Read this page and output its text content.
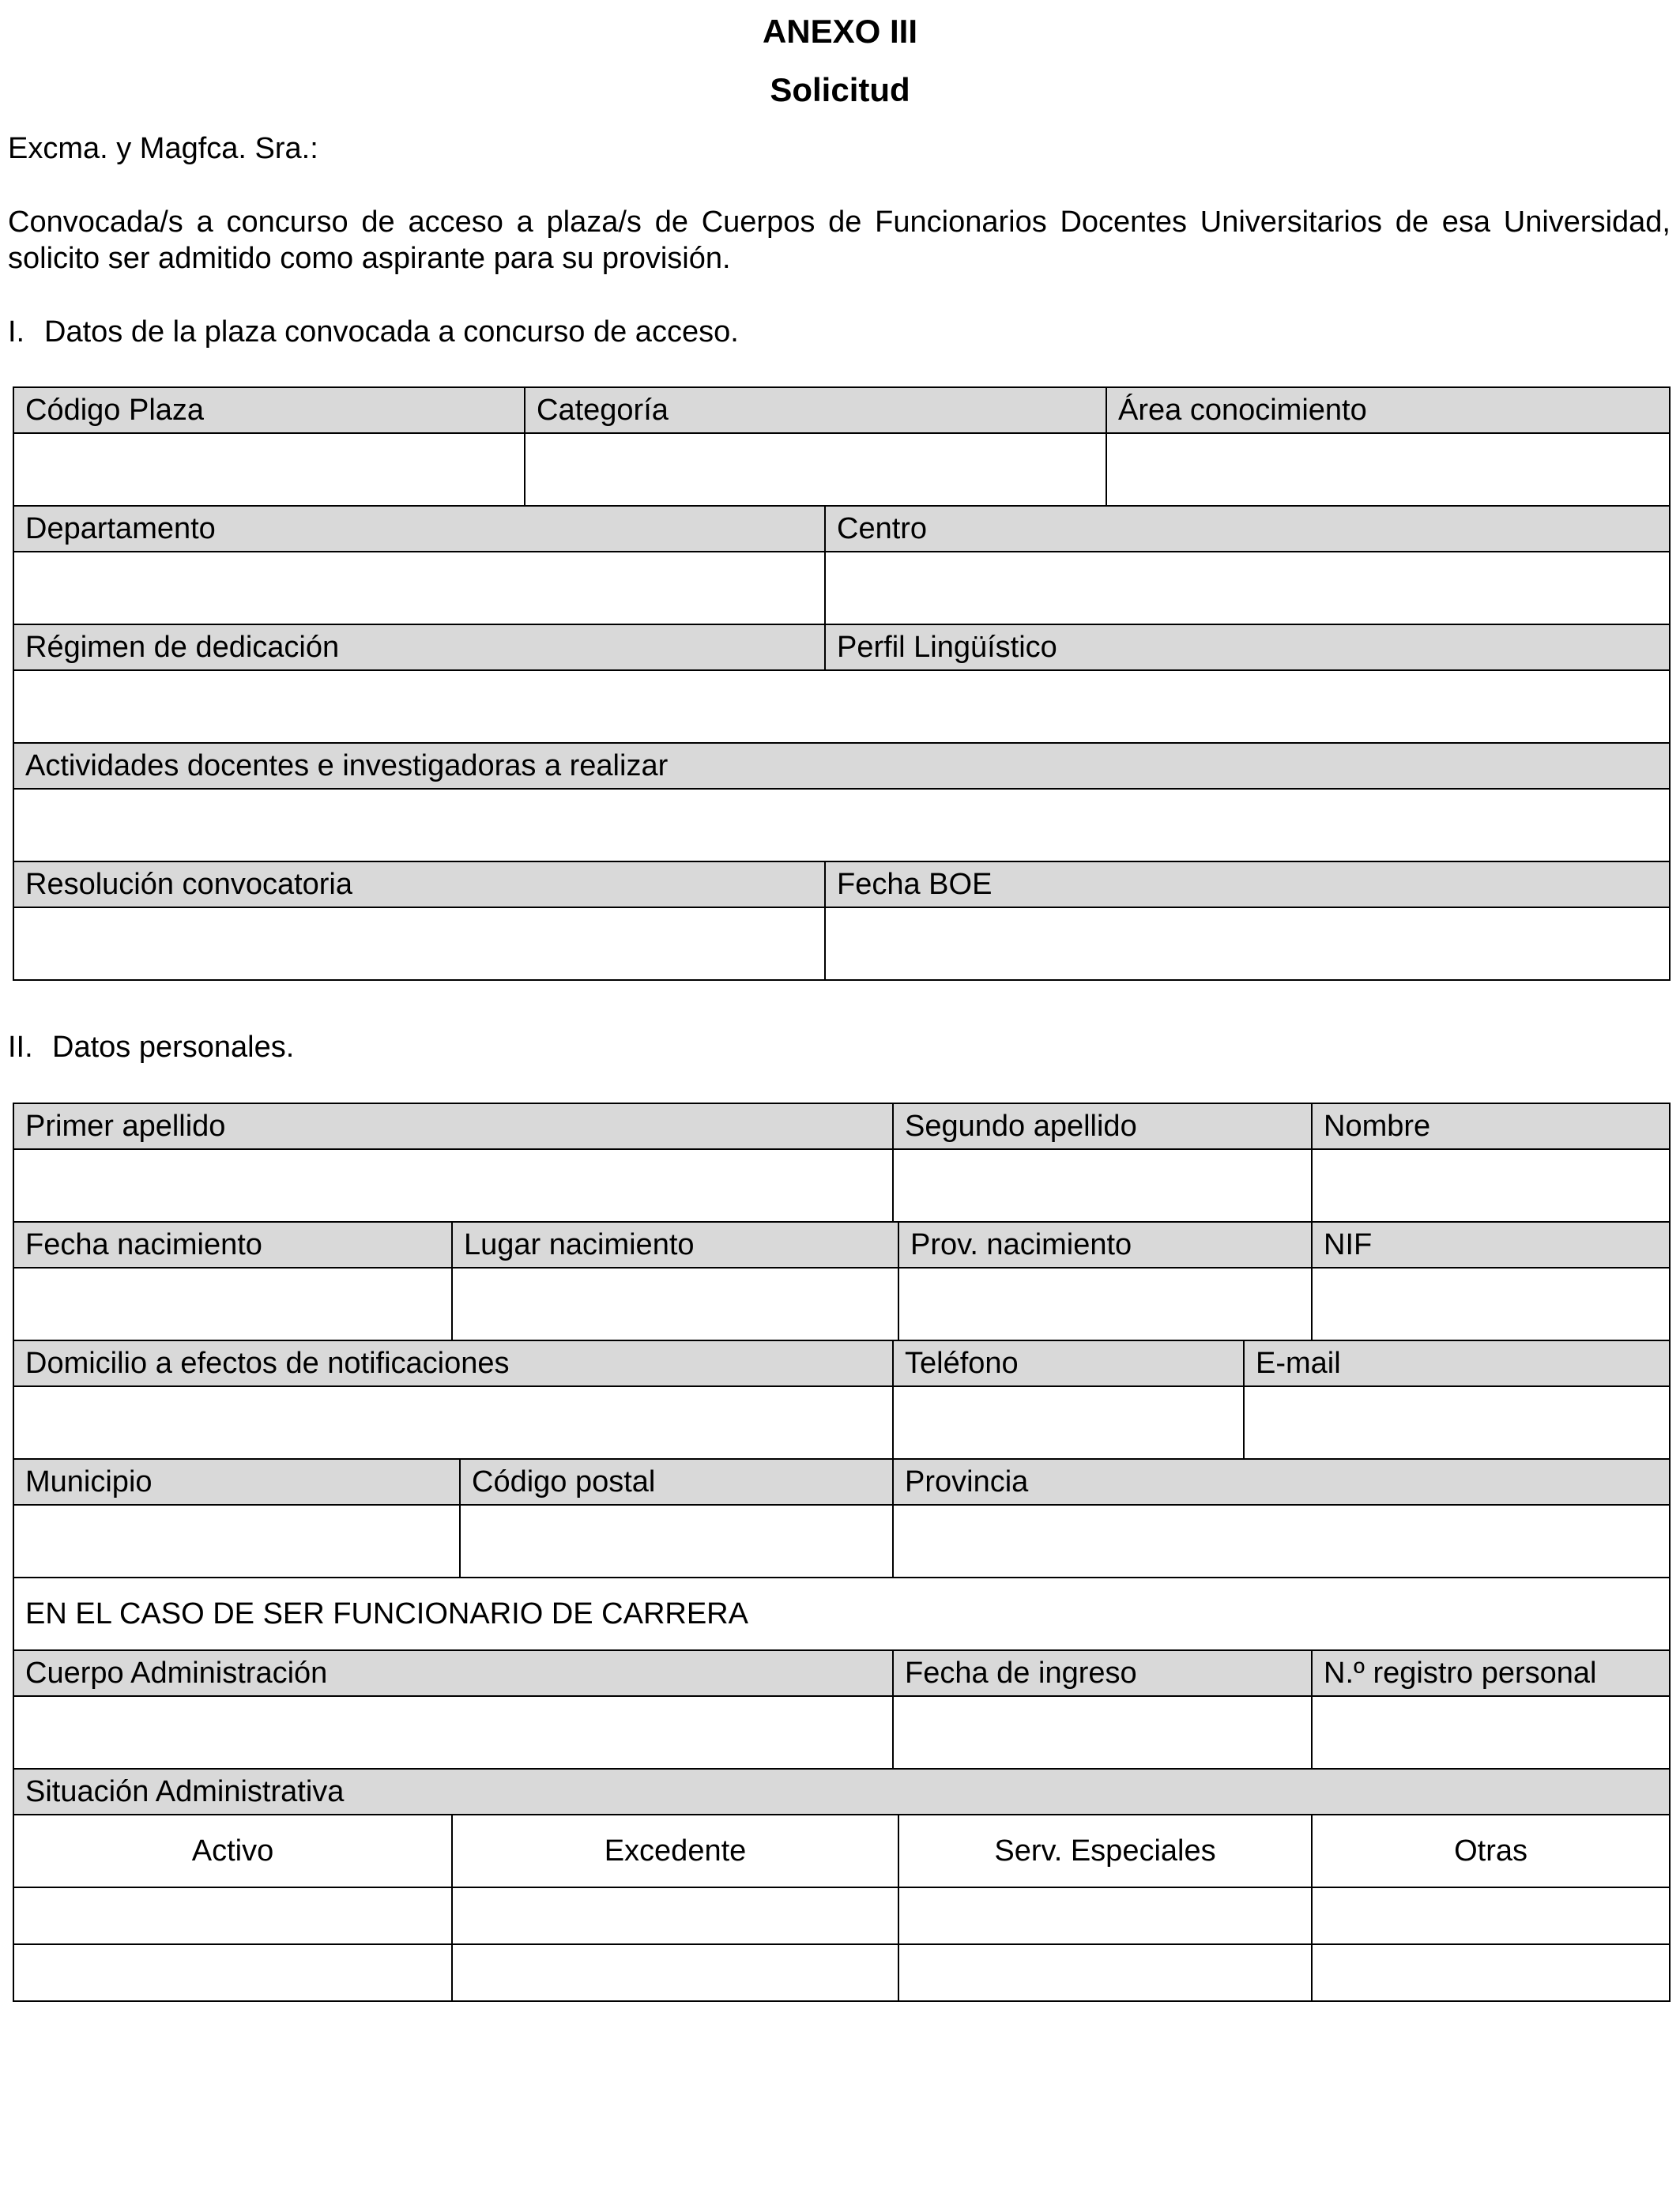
ANEXO III
Solicitud
Excma. y Magfca. Sra.:
Convocada/s a concurso de acceso a plaza/s de Cuerpos de Funcionarios Docentes Universitarios de esa Universidad, solicito ser admitido como aspirante para su provisión.
I. Datos de la plaza convocada a concurso de acceso.
Código Plaza	Categoría		Área conocimiento

Departamento		Centro	

Régimen de dedicación		Perfil Lingüístico	

Actividades docentes e investigadoras a realizar			

Resolución convocatoria		Fecha BOE	

II. Datos personales.
Primer apellido			Segundo apellido			Nombre

Fecha nacimiento	Lugar nacimiento			Prov. nacimiento		NIF

Domicilio a efectos de notificaciones			Teléfono		E-mail	

Municipio		Código postal	Provincia			

EN EL CASO DE SER FUNCIONARIO DE CARRERA						
Cuerpo Administración			Fecha de ingreso			N.º registro personal

Situación Administrativa						
Activo	Excedente			Serv. Especiales		Otras
